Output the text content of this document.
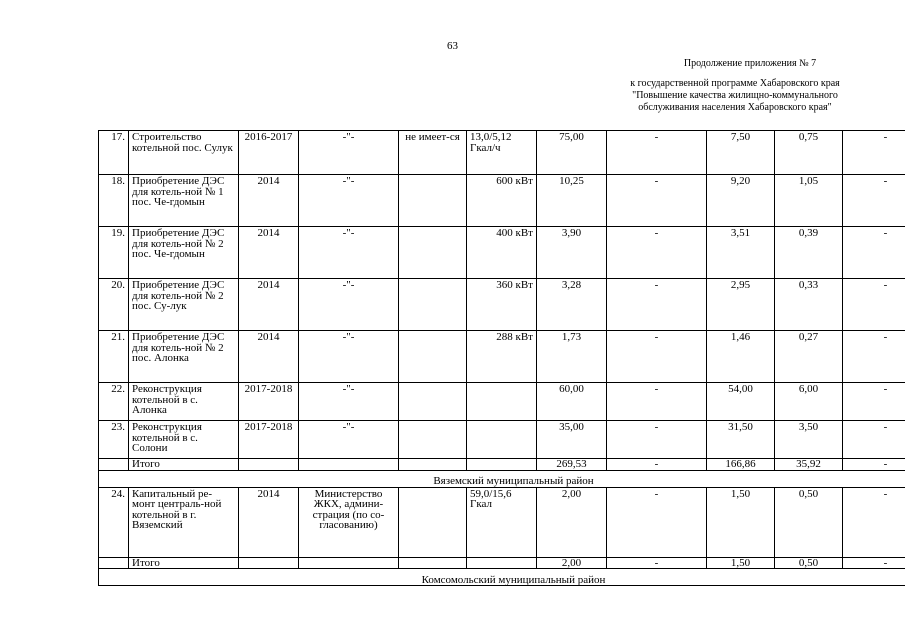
63
Продолжение приложения № 7
к государственной программе Хабаровского края
"Повышение качества жилищно-коммунального
обслуживания населения Хабаровского края"
17.	Строительство котельной пос. Сулук	2016-2017	-"-	не имеет-ся	13,0/5,12 Гкал/ч	75,00	-	7,50	0,75	-
18.	Приобретение ДЭС для котель-ной № 1 пос. Че-гдомын	2014	-"-		600 кВт	10,25	-	9,20	1,05	-
19.	Приобретение ДЭС для котель-ной № 2 пос. Че-гдомын	2014	-"-		400 кВт	3,90	-	3,51	0,39	-
20.	Приобретение ДЭС для котель-ной № 2 пос. Су-лук	2014	-"-		360 кВт	3,28	-	2,95	0,33	-
21.	Приобретение ДЭС для котель-ной № 2 пос. Алонка	2014	-"-		288 кВт	1,73	-	1,46	0,27	-
22.	Реконструкция котельной в с. Алонка	2017-2018	-"-			60,00	-	54,00	6,00	-
23.	Реконструкция котельной в с. Солони	2017-2018	-"-			35,00	-	31,50	3,50	-
	Итого					269,53	-	166,86	35,92	-
Вяземский муниципальный район										
24.	Капитальный ре-монт централь-ной котельной в г. Вяземский	2014	Министерство ЖКХ, админи-страция (по со-гласованию)		59,0/15,6 Гкал	2,00	-	1,50	0,50	-
	Итого					2,00	-	1,50	0,50	-
Комсомольский муниципальный район										
